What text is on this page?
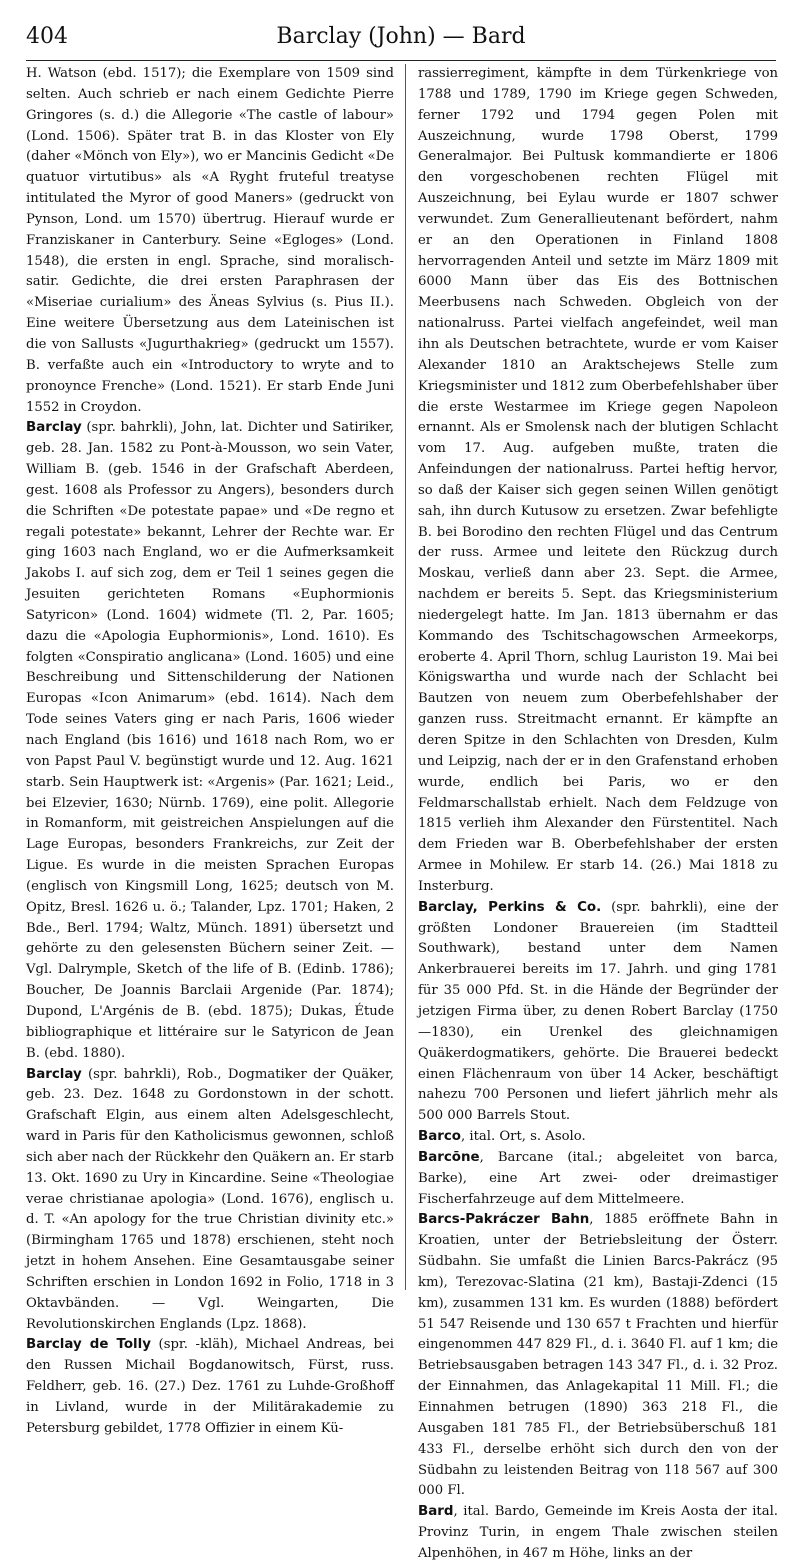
404	Barclay (John) — Bard

H. Watson (ebd. 1517); die Exemplare von 1509 sind selten. Auch schrieb er nach einem Gedichte Pierre Gringores (s. d.) die Allegorie «The castle of labour» (Lond. 1506). Später trat B. in das Kloster von Ely (daher «Mönch von Ely»), wo er Mancinis Gedicht «De quatuor virtutibus» als «A Ryght fruteful treatyse intitulated the Myror of good Maners» (gedruckt von Pynson, Lond. um 1570) übertrug. Hierauf wurde er Franziskaner in Canterbury. Seine «Egloges» (Lond. 1548), die ersten in engl. Sprache, sind moralisch-satir. Gedichte, die drei ersten Paraphrasen der «Miseriae curialium» des Äneas Sylvius (s. Pius II.). Eine weitere Übersetzung aus dem Lateinischen ist die von Sallusts «Jugurthakrieg» (gedruckt um 1557). B. verfaßte auch ein «Introductory to wryte and to pronoynce Frenche» (Lond. 1521). Er starb Ende Juni 1552 in Croydon.

Barclay (spr. bahrkli), John, lat. Dichter und Satiriker, geb. 28. Jan. 1582 zu Pont-à-Mousson, wo sein Vater, William B. (geb. 1546 in der Grafschaft Aberdeen, gest. 1608 als Professor zu Angers), besonders durch die Schriften «De potestate papae» und «De regno et regali potestate» bekannt, Lehrer der Rechte war. Er ging 1603 nach England, wo er die Aufmerksamkeit Jakobs I. auf sich zog, dem er Teil 1 seines gegen die Jesuiten gerichteten Romans «Euphormionis Satyricon» (Lond. 1604) widmete (Tl. 2, Par. 1605; dazu die «Apologia Euphormionis», Lond. 1610). Es folgten «Conspiratio anglicana» (Lond. 1605) und eine Beschreibung und Sittenschilderung der Nationen Europas «Icon Animarum» (ebd. 1614). Nach dem Tode seines Vaters ging er nach Paris, 1606 wieder nach England (bis 1616) und 1618 nach Rom, wo er von Papst Paul V. begünstigt wurde und 12. Aug. 1621 starb. Sein Hauptwerk ist: «Argenis» (Par. 1621; Leid., bei Elzevier, 1630; Nürnb. 1769), eine polit. Allegorie in Romanform, mit geistreichen Anspielungen auf die Lage Europas, besonders Frankreichs, zur Zeit der Ligue. Es wurde in die meisten Sprachen Europas (englisch von Kingsmill Long, 1625; deutsch von M. Opitz, Bresl. 1626 u. ö.; Talander, Lpz. 1701; Haken, 2 Bde., Berl. 1794; Waltz, Münch. 1891) übersetzt und gehörte zu den gelesensten Büchern seiner Zeit. — Vgl. Dalrymple, Sketch of the life of B. (Edinb. 1786); Boucher, De Joannis Barclaii Argenide (Par. 1874); Dupond, L'Argénis de B. (ebd. 1875); Dukas, Étude bibliographique et littéraire sur le Satyricon de Jean B. (ebd. 1880).

Barclay (spr. bahrkli), Rob., Dogmatiker der Quäker, geb. 23. Dez. 1648 zu Gordonstown in der schott. Grafschaft Elgin, aus einem alten Adelsgeschlecht, ward in Paris für den Katholicismus gewonnen, schloß sich aber nach der Rückkehr den Quäkern an. Er starb 13. Okt. 1690 zu Ury in Kincardine. Seine «Theologiae verae christianae apologia» (Lond. 1676), englisch u. d. T. «An apology for the true Christian divinity etc.» (Birmingham 1765 und 1878) erschienen, steht noch jetzt in hohem Ansehen. Eine Gesamtausgabe seiner Schriften erschien in London 1692 in Folio, 1718 in 3 Oktavbänden. — Vgl. Weingarten, Die Revolutionskirchen Englands (Lpz. 1868).

Barclay de Tolly (spr. -kläh), Michael Andreas, bei den Russen Michail Bogdanowitsch, Fürst, russ. Feldherr, geb. 16. (27.) Dez. 1761 zu Luhde-Großhoff in Livland, wurde in der Militärakademie zu Petersburg gebildet, 1778 Offizier in einem Kü-

rassierregiment, kämpfte in dem Türkenkriege von 1788 und 1789, 1790 im Kriege gegen Schweden, ferner 1792 und 1794 gegen Polen mit Auszeichnung, wurde 1798 Oberst, 1799 Generalmajor. Bei Pultusk kommandierte er 1806 den vorgeschobenen rechten Flügel mit Auszeichnung, bei Eylau wurde er 1807 schwer verwundet. Zum Generallieutenant befördert, nahm er an den Operationen in Finland 1808 hervorragenden Anteil und setzte im März 1809 mit 6000 Mann über das Eis des Bottnischen Meerbusens nach Schweden. Obgleich von der nationalruss. Partei vielfach angefeindet, weil man ihn als Deutschen betrachtete, wurde er vom Kaiser Alexander 1810 an Araktschejews Stelle zum Kriegsminister und 1812 zum Oberbefehlshaber über die erste Westarmee im Kriege gegen Napoleon ernannt. Als er Smolensk nach der blutigen Schlacht vom 17. Aug. aufgeben mußte, traten die Anfeindungen der nationalruss. Partei heftig hervor, so daß der Kaiser sich gegen seinen Willen genötigt sah, ihn durch Kutusow zu ersetzen. Zwar befehligte B. bei Borodino den rechten Flügel und das Centrum der russ. Armee und leitete den Rückzug durch Moskau, verließ dann aber 23. Sept. die Armee, nachdem er bereits 5. Sept. das Kriegsministerium niedergelegt hatte. Im Jan. 1813 übernahm er das Kommando des Tschitschagowschen Armeekorps, eroberte 4. April Thorn, schlug Lauriston 19. Mai bei Königswartha und wurde nach der Schlacht bei Bautzen von neuem zum Oberbefehlshaber der ganzen russ. Streitmacht ernannt. Er kämpfte an deren Spitze in den Schlachten von Dresden, Kulm und Leipzig, nach der er in den Grafenstand erhoben wurde, endlich bei Paris, wo er den Feldmarschallstab erhielt. Nach dem Feldzuge von 1815 verlieh ihm Alexander den Fürstentitel. Nach dem Frieden war B. Oberbefehlshaber der ersten Armee in Mohilew. Er starb 14. (26.) Mai 1818 zu Insterburg.

Barclay, Perkins & Co. (spr. bahrkli), eine der größten Londoner Brauereien (im Stadtteil Southwark), bestand unter dem Namen Ankerbrauerei bereits im 17. Jahrh. und ging 1781 für 35 000 Pfd. St. in die Hände der Begründer der jetzigen Firma über, zu denen Robert Barclay (1750—1830), ein Urenkel des gleichnamigen Quäkerdogmatikers, gehörte. Die Brauerei bedeckt einen Flächenraum von über 14 Acker, beschäftigt nahezu 700 Personen und liefert jährlich mehr als 500 000 Barrels Stout.

Barco, ital. Ort, s. Asolo.

Barcōne, Barcane (ital.; abgeleitet von barca, Barke), eine Art zwei- oder dreimastiger Fischerfahrzeuge auf dem Mittelmeere.

Barcs-Pakráczer Bahn, 1885 eröffnete Bahn in Kroatien, unter der Betriebsleitung der Österr. Südbahn. Sie umfaßt die Linien Barcs-Pakrácz (95 km), Terezovac-Slatina (21 km), Bastaji-Zdenci (15 km), zusammen 131 km. Es wurden (1888) befördert 51 547 Reisende und 130 657 t Frachten und hierfür eingenommen 447 829 Fl., d. i. 3640 Fl. auf 1 km; die Betriebsausgaben betragen 143 347 Fl., d. i. 32 Proz. der Einnahmen, das Anlagekapital 11 Mill. Fl.; die Einnahmen betrugen (1890) 363 218 Fl., die Ausgaben 181 785 Fl., der Betriebsüberschuß 181 433 Fl., derselbe erhöht sich durch den von der Südbahn zu leistenden Beitrag von 118 567 auf 300 000 Fl.

Bard, ital. Bardo, Gemeinde im Kreis Aosta der ital. Provinz Turin, in engem Thale zwischen steilen Alpenhöhen, in 467 m Höhe, links an der
